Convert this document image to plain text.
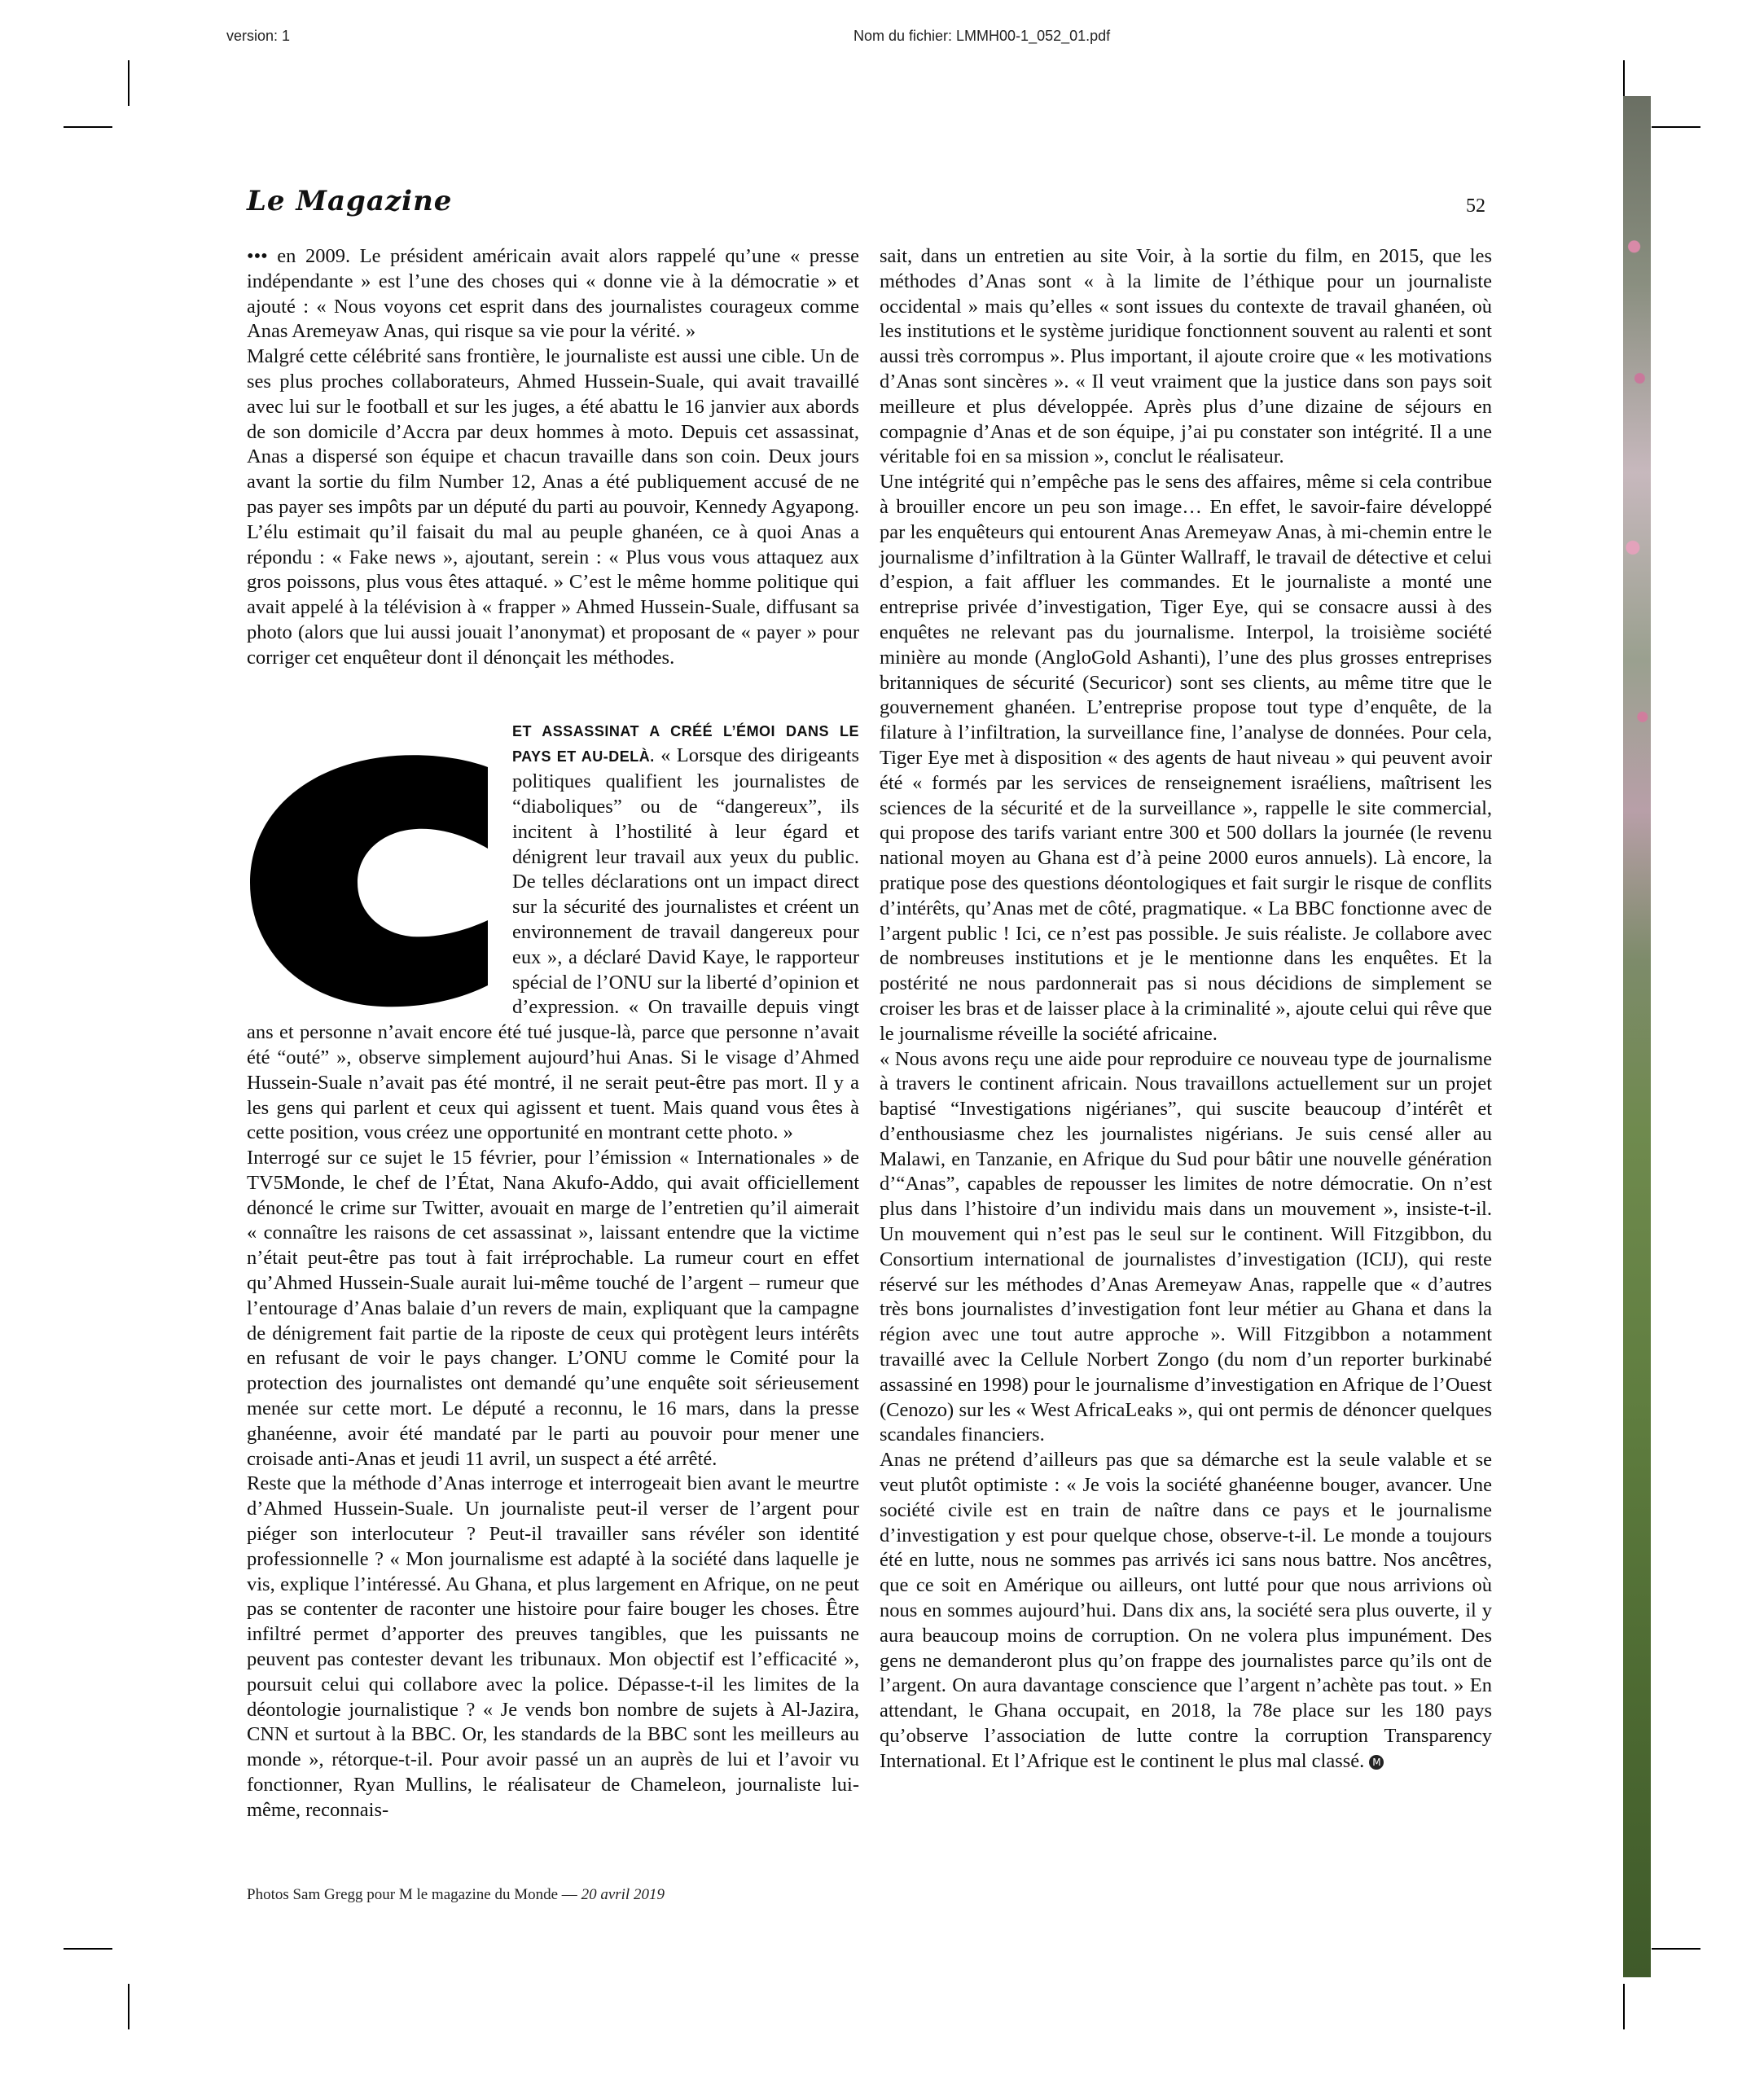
version: 1	Nom du fichier: LMMH00-1_052_01.pdf
Le Magazine	52

••• en 2009. Le président américain avait alors rappelé qu’une « presse indépendante » est l’une des choses qui « donne vie à la démocratie » et ajouté : « Nous voyons cet esprit dans des journalistes courageux comme Anas Aremeyaw Anas, qui risque sa vie pour la vérité. »

Malgré cette célébrité sans frontière, le journaliste est aussi une cible. Un de ses plus proches collaborateurs, Ahmed Hussein-Suale, qui avait travaillé avec lui sur le football et sur les juges, a été abattu le 16 janvier aux abords de son domicile d’Accra par deux hommes à moto. Depuis cet assassinat, Anas a dispersé son équipe et chacun travaille dans son coin. Deux jours avant la sortie du film Number 12, Anas a été publiquement accusé de ne pas payer ses impôts par un député du parti au pouvoir, Kennedy Agyapong. L’élu estimait qu’il faisait du mal au peuple ghanéen, ce à quoi Anas a répondu : « Fake news », ajoutant, serein : « Plus vous vous attaquez aux gros poissons, plus vous êtes attaqué. » C’est le même homme politique qui avait appelé à la télévision à « frapper » Ahmed Hussein-Suale, diffusant sa photo (alors que lui aussi jouait l’anonymat) et proposant de « payer » pour corriger cet enquêteur dont il dénonçait les méthodes.

ET ASSASSINAT A CRÉÉ L’ÉMOI DANS LE PAYS ET AU-DELÀ. « Lorsque des dirigeants politiques qualifient les journalistes de “diaboliques” ou de “dangereux”, ils incitent à l’hostilité à leur égard et dénigrent leur travail aux yeux du public. De telles déclarations ont un impact direct sur la sécurité des journalistes et créent un environnement de travail dangereux pour eux », a déclaré David Kaye, le rapporteur spécial de l’ONU sur la liberté d’opinion et d’expression. « On travaille depuis vingt ans et personne n’avait encore été tué jusque-là, parce que personne n’avait été “outé” », observe simplement aujourd’hui Anas. Si le visage d’Ahmed Hussein-Suale n’avait pas été montré, il ne serait peut-être pas mort. Il y a les gens qui parlent et ceux qui agissent et tuent. Mais quand vous êtes à cette position, vous créez une opportunité en montrant cette photo. »

Interrogé sur ce sujet le 15 février, pour l’émission « Internationales » de TV5Monde, le chef de l’État, Nana Akufo-Addo, qui avait officiellement dénoncé le crime sur Twitter, avouait en marge de l’entretien qu’il aimerait « connaître les raisons de cet assassinat », laissant entendre que la victime n’était peut-être pas tout à fait irréprochable. La rumeur court en effet qu’Ahmed Hussein-Suale aurait lui-même touché de l’argent – rumeur que l’entourage d’Anas balaie d’un revers de main, expliquant que la campagne de dénigrement fait partie de la riposte de ceux qui protègent leurs intérêts en refusant de voir le pays changer. L’ONU comme le Comité pour la protection des journalistes ont demandé qu’une enquête soit sérieusement menée sur cette mort. Le député a reconnu, le 16 mars, dans la presse ghanéenne, avoir été mandaté par le parti au pouvoir pour mener une croisade anti-Anas et jeudi 11 avril, un suspect a été arrêté.

Reste que la méthode d’Anas interroge et interrogeait bien avant le meurtre d’Ahmed Hussein-Suale. Un journaliste peut-il verser de l’argent pour piéger son interlocuteur ? Peut-il travailler sans révéler son identité professionnelle ? « Mon journalisme est adapté à la société dans laquelle je vis, explique l’intéressé. Au Ghana, et plus largement en Afrique, on ne peut pas se contenter de raconter une histoire pour faire bouger les choses. Être infiltré permet d’apporter des preuves tangibles, que les puissants ne peuvent pas contester devant les tribunaux. Mon objectif est l’efficacité », poursuit celui qui collabore avec la police. Dépasse-t-il les limites de la déontologie journalistique ? « Je vends bon nombre de sujets à Al-Jazira, CNN et surtout à la BBC. Or, les standards de la BBC sont les meilleurs au monde », rétorque-t-il. Pour avoir passé un an auprès de lui et l’avoir vu fonctionner, Ryan Mullins, le réalisateur de Chameleon, journaliste lui-même, reconnais-

sait, dans un entretien au site Voir, à la sortie du film, en 2015, que les méthodes d’Anas sont « à la limite de l’éthique pour un journaliste occidental » mais qu’elles « sont issues du contexte de travail ghanéen, où les institutions et le système juridique fonctionnent souvent au ralenti et sont aussi très corrompus ». Plus important, il ajoute croire que « les motivations d’Anas sont sincères ». « Il veut vraiment que la justice dans son pays soit meilleure et plus développée. Après plus d’une dizaine de séjours en compagnie d’Anas et de son équipe, j’ai pu constater son intégrité. Il a une véritable foi en sa mission », conclut le réalisateur.

Une intégrité qui n’empêche pas le sens des affaires, même si cela contribue à brouiller encore un peu son image… En effet, le savoir-faire développé par les enquêteurs qui entourent Anas Aremeyaw Anas, à mi-chemin entre le journalisme d’infiltration à la Günter Wallraff, le travail de détective et celui d’espion, a fait affluer les commandes. Et le journaliste a monté une entreprise privée d’investigation, Tiger Eye, qui se consacre aussi à des enquêtes ne relevant pas du journalisme. Interpol, la troisième société minière au monde (AngloGold Ashanti), l’une des plus grosses entreprises britanniques de sécurité (Securicor) sont ses clients, au même titre que le gouvernement ghanéen. L’entreprise propose tout type d’enquête, de la filature à l’infiltration, la surveillance fine, l’analyse de données. Pour cela, Tiger Eye met à disposition « des agents de haut niveau » qui peuvent avoir été « formés par les services de renseignement israéliens, maîtrisent les sciences de la sécurité et de la surveillance », rappelle le site commercial, qui propose des tarifs variant entre 300 et 500 dollars la journée (le revenu national moyen au Ghana est d’à peine 2000 euros annuels). Là encore, la pratique pose des questions déontologiques et fait surgir le risque de conflits d’intérêts, qu’Anas met de côté, pragmatique. « La BBC fonctionne avec de l’argent public ! Ici, ce n’est pas possible. Je suis réaliste. Je collabore avec de nombreuses institutions et je le mentionne dans les enquêtes. Et la postérité ne nous pardonnerait pas si nous décidions de simplement se croiser les bras et de laisser place à la criminalité », ajoute celui qui rêve que le journalisme réveille la société africaine.

« Nous avons reçu une aide pour reproduire ce nouveau type de journalisme à travers le continent africain. Nous travaillons actuellement sur un projet baptisé “Investigations nigérianes”, qui suscite beaucoup d’intérêt et d’enthousiasme chez les journalistes nigérians. Je suis censé aller au Malawi, en Tanzanie, en Afrique du Sud pour bâtir une nouvelle génération d’“Anas”, capables de repousser les limites de notre démocratie. On n’est plus dans l’histoire d’un individu mais dans un mouvement », insiste-t-il. Un mouvement qui n’est pas le seul sur le continent. Will Fitzgibbon, du Consortium international de journalistes d’investigation (ICIJ), qui reste réservé sur les méthodes d’Anas Aremeyaw Anas, rappelle que « d’autres très bons journalistes d’investigation font leur métier au Ghana et dans la région avec une tout autre approche ». Will Fitzgibbon a notamment travaillé avec la Cellule Norbert Zongo (du nom d’un reporter burkinabé assassiné en 1998) pour le journalisme d’investigation en Afrique de l’Ouest (Cenozo) sur les « West AfricaLeaks », qui ont permis de dénoncer quelques scandales financiers.

Anas ne prétend d’ailleurs pas que sa démarche est la seule valable et se veut plutôt optimiste : « Je vois la société ghanéenne bouger, avancer. Une société civile est en train de naître dans ce pays et le journalisme d’investigation y est pour quelque chose, observe-t-il. Le monde a toujours été en lutte, nous ne sommes pas arrivés ici sans nous battre. Nos ancêtres, que ce soit en Amérique ou ailleurs, ont lutté pour que nous arrivions où nous en sommes aujourd’hui. Dans dix ans, la société sera plus ouverte, il y aura beaucoup moins de corruption. On ne volera plus impunément. Des gens ne demanderont plus qu’on frappe des journalistes parce qu’ils ont de l’argent. On aura davantage conscience que l’argent n’achète pas tout. » En attendant, le Ghana occupait, en 2018, la 78e place sur les 180 pays qu’observe l’association de lutte contre la corruption Transparency International. Et l’Afrique est le continent le plus mal classé. M

Photos Sam Gregg pour M le magazine du Monde — 20 avril 2019
